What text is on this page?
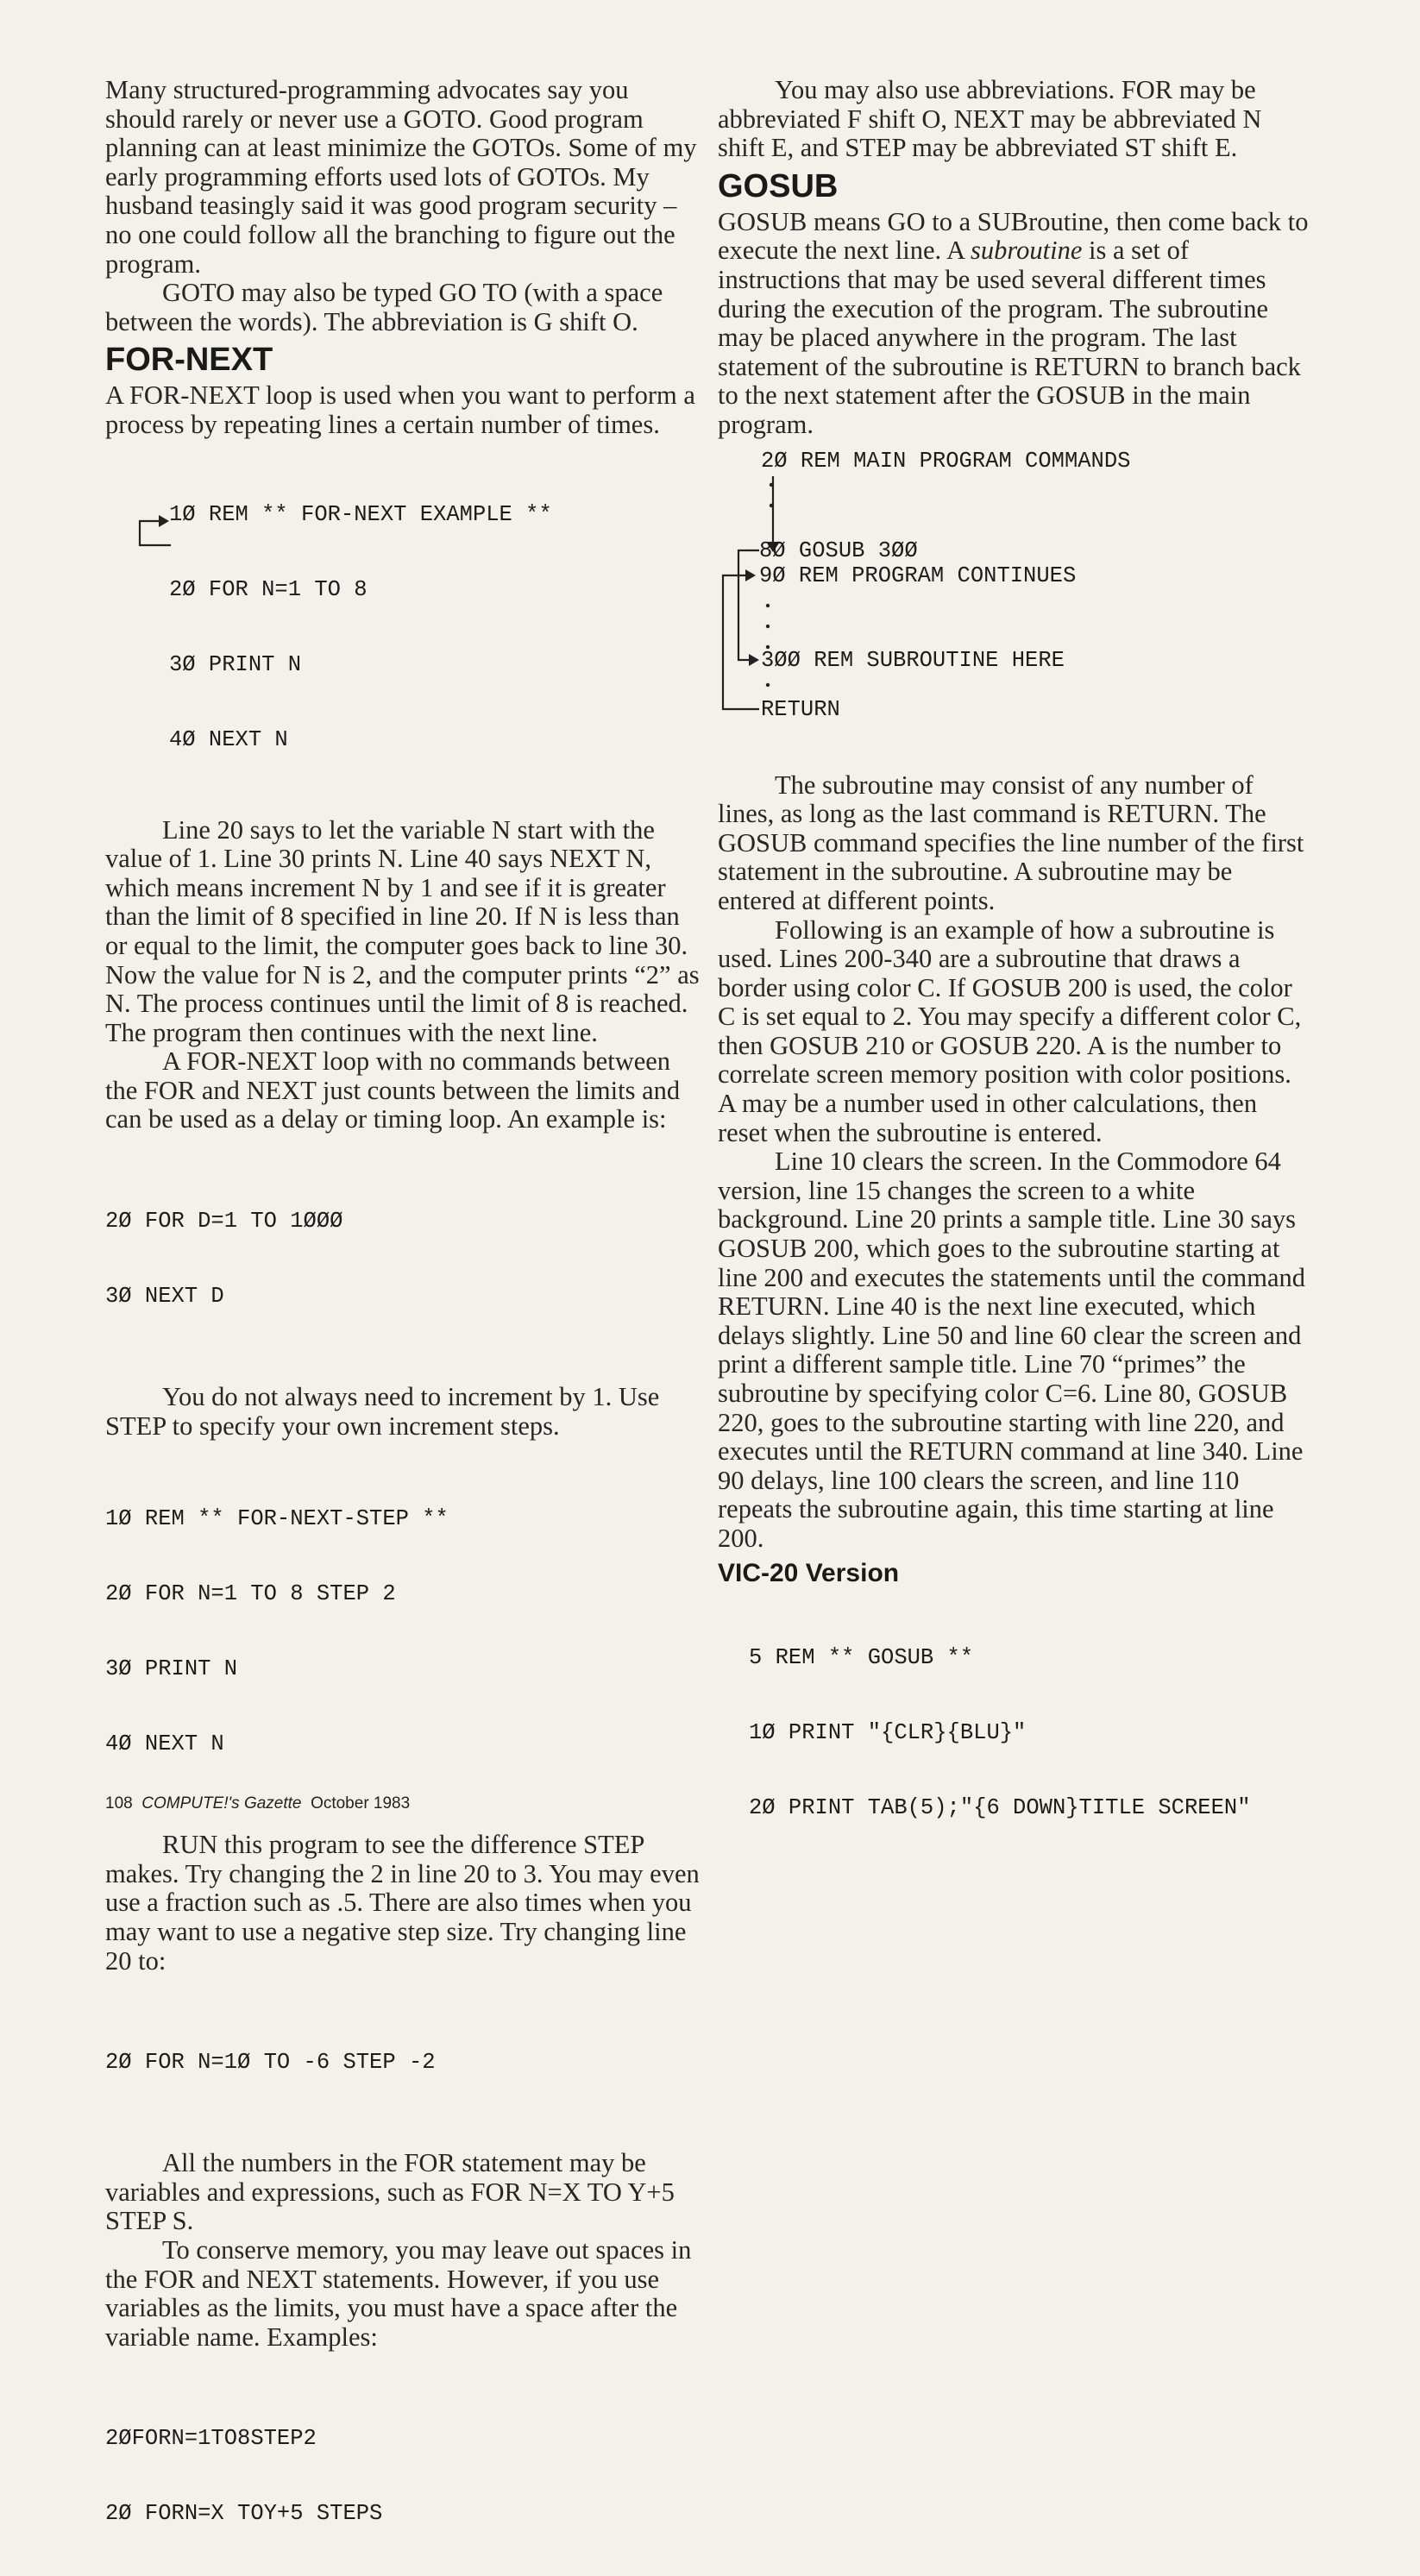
Many structured-programming advocates say you should rarely or never use a GOTO. Good program planning can at least minimize the GOTOs. Some of my early programming efforts used lots of GOTOs. My husband teasingly said it was good program security – no one could follow all the branching to figure out the program.

GOTO may also be typed GO TO (with a space between the words). The abbreviation is G shift O.

FOR-NEXT

A FOR-NEXT loop is used when you want to perform a process by repeating lines a certain number of times.

1Ø REM ** FOR-NEXT EXAMPLE **

2Ø FOR N=1 TO 8

3Ø PRINT N

4Ø NEXT N

Line 20 says to let the variable N start with the value of 1. Line 30 prints N. Line 40 says NEXT N, which means increment N by 1 and see if it is greater than the limit of 8 specified in line 20. If N is less than or equal to the limit, the computer goes back to line 30. Now the value for N is 2, and the computer prints “2” as N. The process continues until the limit of 8 is reached. The program then continues with the next line.

A FOR-NEXT loop with no commands between the FOR and NEXT just counts between the limits and can be used as a delay or timing loop. An example is:

2Ø FOR D=1 TO 1ØØØ

3Ø NEXT D

You do not always need to increment by 1. Use STEP to specify your own increment steps.

1Ø REM ** FOR-NEXT-STEP **

2Ø FOR N=1 TO 8 STEP 2

3Ø PRINT N

4Ø NEXT N

RUN this program to see the difference STEP makes. Try changing the 2 in line 20 to 3. You may even use a fraction such as .5. There are also times when you may want to use a negative step size. Try changing line 20 to:

2Ø FOR N=1Ø TO -6 STEP -2

All the numbers in the FOR statement may be variables and expressions, such as FOR N=X TO Y+5 STEP S.

To conserve memory, you may leave out spaces in the FOR and NEXT statements. However, if you use variables as the limits, you must have a space after the variable name. Examples:

2ØFORN=1TO8STEP2

2Ø FORN=X TOY+5 STEPS

You may also use abbreviations. FOR may be abbreviated F shift O, NEXT may be abbreviated N shift E, and STEP may be abbreviated ST shift E.

GOSUB

GOSUB means GO to a SUBroutine, then come back to execute the next line. A subroutine is a set of instructions that may be used several different times during the execution of the program. The subroutine may be placed anywhere in the program. The last statement of the subroutine is RETURN to branch back to the next statement after the GOSUB in the main program.

2Ø REM MAIN PROGRAM COMMANDS
8Ø GOSUB 3ØØ
9Ø REM PROGRAM CONTINUES
3ØØ REM SUBROUTINE HERE
RETURN

The subroutine may consist of any number of lines, as long as the last command is RETURN. The GOSUB command specifies the line number of the first statement in the subroutine. A subroutine may be entered at different points.

Following is an example of how a subroutine is used. Lines 200-340 are a subroutine that draws a border using color C. If GOSUB 200 is used, the color C is set equal to 2. You may specify a different color C, then GOSUB 210 or GOSUB 220. A is the number to correlate screen memory position with color positions. A may be a number used in other calculations, then reset when the subroutine is entered.

Line 10 clears the screen. In the Commodore 64 version, line 15 changes the screen to a white background. Line 20 prints a sample title. Line 30 says GOSUB 200, which goes to the subroutine starting at line 200 and executes the statements until the command RETURN. Line 40 is the next line executed, which delays slightly. Line 50 and line 60 clear the screen and print a different sample title. Line 70 “primes” the subroutine by specifying color C=6. Line 80, GOSUB 220, goes to the subroutine starting with line 220, and executes until the RETURN command at line 340. Line 90 delays, line 100 clears the screen, and line 110 repeats the subroutine again, this time starting at line 200.

VIC-20 Version

5 REM ** GOSUB **

1Ø PRINT "{CLR}{BLU}"

2Ø PRINT TAB(5);"{6 DOWN}TITLE SCREEN"

108 COMPUTE!'s Gazette October 1983
